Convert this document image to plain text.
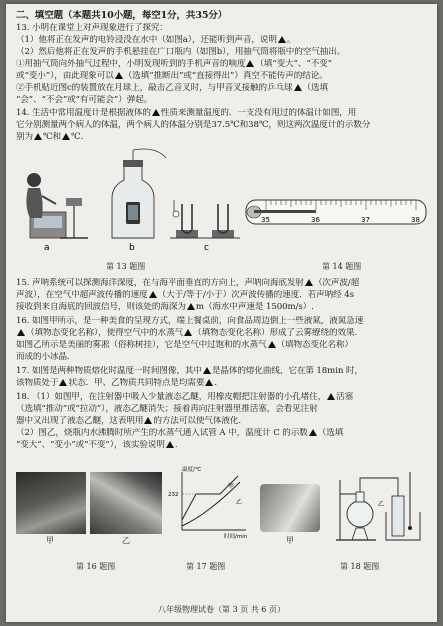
二、填空题（本题共10小题，每空1分，共35分）
13. 小明在课堂上对声现象进行了探究：
（1）他将正在发声的电铃浸没在水中（如图a），还能听到声音，说明 。
（2）然后他将正在发声的手机悬挂在广口瓶内（如图b），用抽气筒将瓶中的空气抽出。
①用抽气筒向外抽气过程中，小明发现听到的手机声音的响度 （填“变大”、“不变”
或“变小”），由此现象可以 （选填“推断出”或“直接得出”）真空不能传声的结论。
②手机贴近图c的装置放在月球上，敲击乙音叉时，与甲音叉接触的乒乓球 （选填
“会”、“不会”或“有可能会”）弹起。
14. 生活中常用温度计是根据液体的 性质来测量温度的．一支没有甩过的体温计如图，用
它分别测量两个病人的体温，两个病人的体温分别是37.5℃和38℃，则这两次温度计的示数分
别为 ℃和 ℃.
a	b	c
第 13 题图
35	36	37	38
第 14 题图
15. 声呐系统可以探测海洋深度，在与海平面垂直的方向上，声呐向海底发射 （次声波/超
声波），在空气中超声波传播的速度 （大于/等于/小于）次声波传播的速度．若声呐经 4s
接收到来自海底的回波信号，则该处的海深为 m（海水中声速是 1500m/s）.
16. 如图甲所示，是一种美食的呈现方式，端上餐桌前，向食品周边倒上一些液氮，液氮急速
（填物态变化名称），使得空气中的水蒸气 （填物态变化名称）形成了云雾缭绕的效果.
如图乙所示是美丽的雾凇（俗称树挂），它是空气中过饱和的水蒸气 （填物态变化名称）
而成的小冰晶.
17. 如图是两种物质熔化时温度一时间图像，其中 是晶体的熔化曲线，它在第 18min 时，
该物质处于 状态．甲、乙物质共同特点是均需要 .
18. （1）如图甲，在注射器中吸入少量液态乙醚，用橡皮帽把注射器的小孔堵住， 活塞
（选填“推动”或“拉动”），液态乙醚消失；接着再向注射器里推活塞，会看见注射
器中又出现了液态乙醚，这表明用 的方法可以使气体液化.
（2）图乙，烧瓶内水沸腾时所产生的水蒸气通入试管 A 中，温度计 C 的示数 （选填
“变大”、“变小”或“不变”），该实验说明 .
甲	乙
第 16 题图
温度/℃
时间/min
232
甲
乙
第 17 题图
甲
乙
第 18 题图
八年级物理试卷（第 3 页 共 6 页）
